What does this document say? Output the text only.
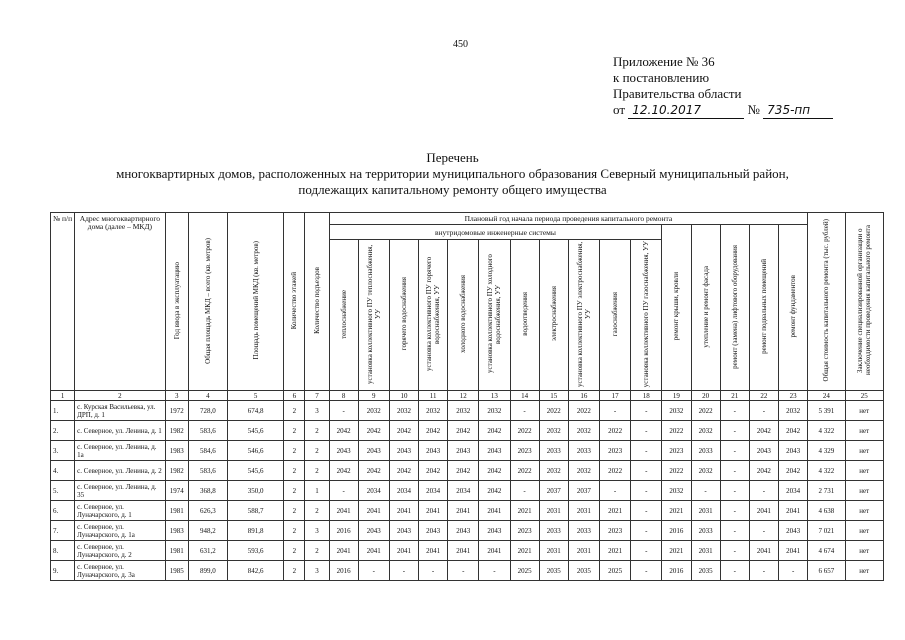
450
Приложение № 36
к постановлению
Правительства области
от 12.10.2017	№ 735-пп
Перечень
многоквартирных домов, расположенных на территории муниципального образования Северный муниципальный район,
подлежащих капитальному ремонту общего имущества
№ п/п	Адрес многоквартирного дома (далее – МКД)	Год ввода в эксплуатацию	Общая площадь МКД – всего (кв. метров)	Площадь помещений МКД (кв. метров)	Количество этажей	Количество подъездов	Плановый год начала периода проведения капитального ремонта																Общая стоимость капитального ремонта (тыс. рублей)	Заключение специализированной организации о необходимости проведения капитального ремонта
							внутридомовые инженерные системы											ремонт крыши, кровли	утепление и ремонт фасада	ремонт (замена) лифтового оборудования	ремонт подвальных помещений	ремонт фундаментов		
							теплоснабжение	установка коллективного ПУ теплоснабжения, УУ	горячего водоснабжения	установка коллективного ПУ горячего водоснабжения, УУ	холодного водоснабжения	установка коллективного ПУ холодного водоснабжения, УУ	водоотведения	электроснабжения	установка коллективного ПУ электроснабжения, УУ	газоснабжения	установка коллективного ПУ газоснабжения, УУ							
1	2	3	4	5	6	7	8	9	10	11	12	13	14	15	16	17	18	19	20	21	22	23	24	25
1.	с. Курская Васильевка, ул. ДРП, д. 1	1972	728,0	674,8	2	3	-	2032	2032	2032	2032	2032	-	2022	2022	-	-	2032	2022	-	-	2032	5 391	нет
2.	с. Северное, ул. Ленина, д. 1	1982	583,6	545,6	2	2	2042	2042	2042	2042	2042	2042	2022	2032	2032	2022	-	2022	2032	-	2042	2042	4 322	нет
3.	с. Северное, ул. Ленина, д. 1а	1983	584,6	546,6	2	2	2043	2043	2043	2043	2043	2043	2023	2033	2033	2023	-	2023	2033	-	2043	2043	4 329	нет
4.	с. Северное, ул. Ленина, д. 2	1982	583,6	545,6	2	2	2042	2042	2042	2042	2042	2042	2022	2032	2032	2022	-	2022	2032	-	2042	2042	4 322	нет
5.	с. Северное, ул. Ленина, д. 35	1974	368,8	350,0	2	1	-	2034	2034	2034	2034	2042	-	2037	2037	-	-	2032	-	-	-	2034	2 731	нет
6.	с. Северное, ул. Луначарского, д. 1	1981	626,3	588,7	2	2	2041	2041	2041	2041	2041	2041	2021	2031	2031	2021	-	2021	2031	-	2041	2041	4 638	нет
7.	с. Северное, ул. Луначарского, д. 1а	1983	948,2	891,8	2	3	2016	2043	2043	2043	2043	2043	2023	2033	2033	2023	-	2016	2033	-	-	2043	7 021	нет
8.	с. Северное, ул. Луначарского, д. 2	1981	631,2	593,6	2	2	2041	2041	2041	2041	2041	2041	2021	2031	2031	2021	-	2021	2031	-	2041	2041	4 674	нет
9.	с. Северное, ул. Луначарского, д. 3а	1985	899,0	842,6	2	3	2016	-	-	-	-	-	2025	2035	2035	2025	-	2016	2035	-	-	-	6 657	нет
